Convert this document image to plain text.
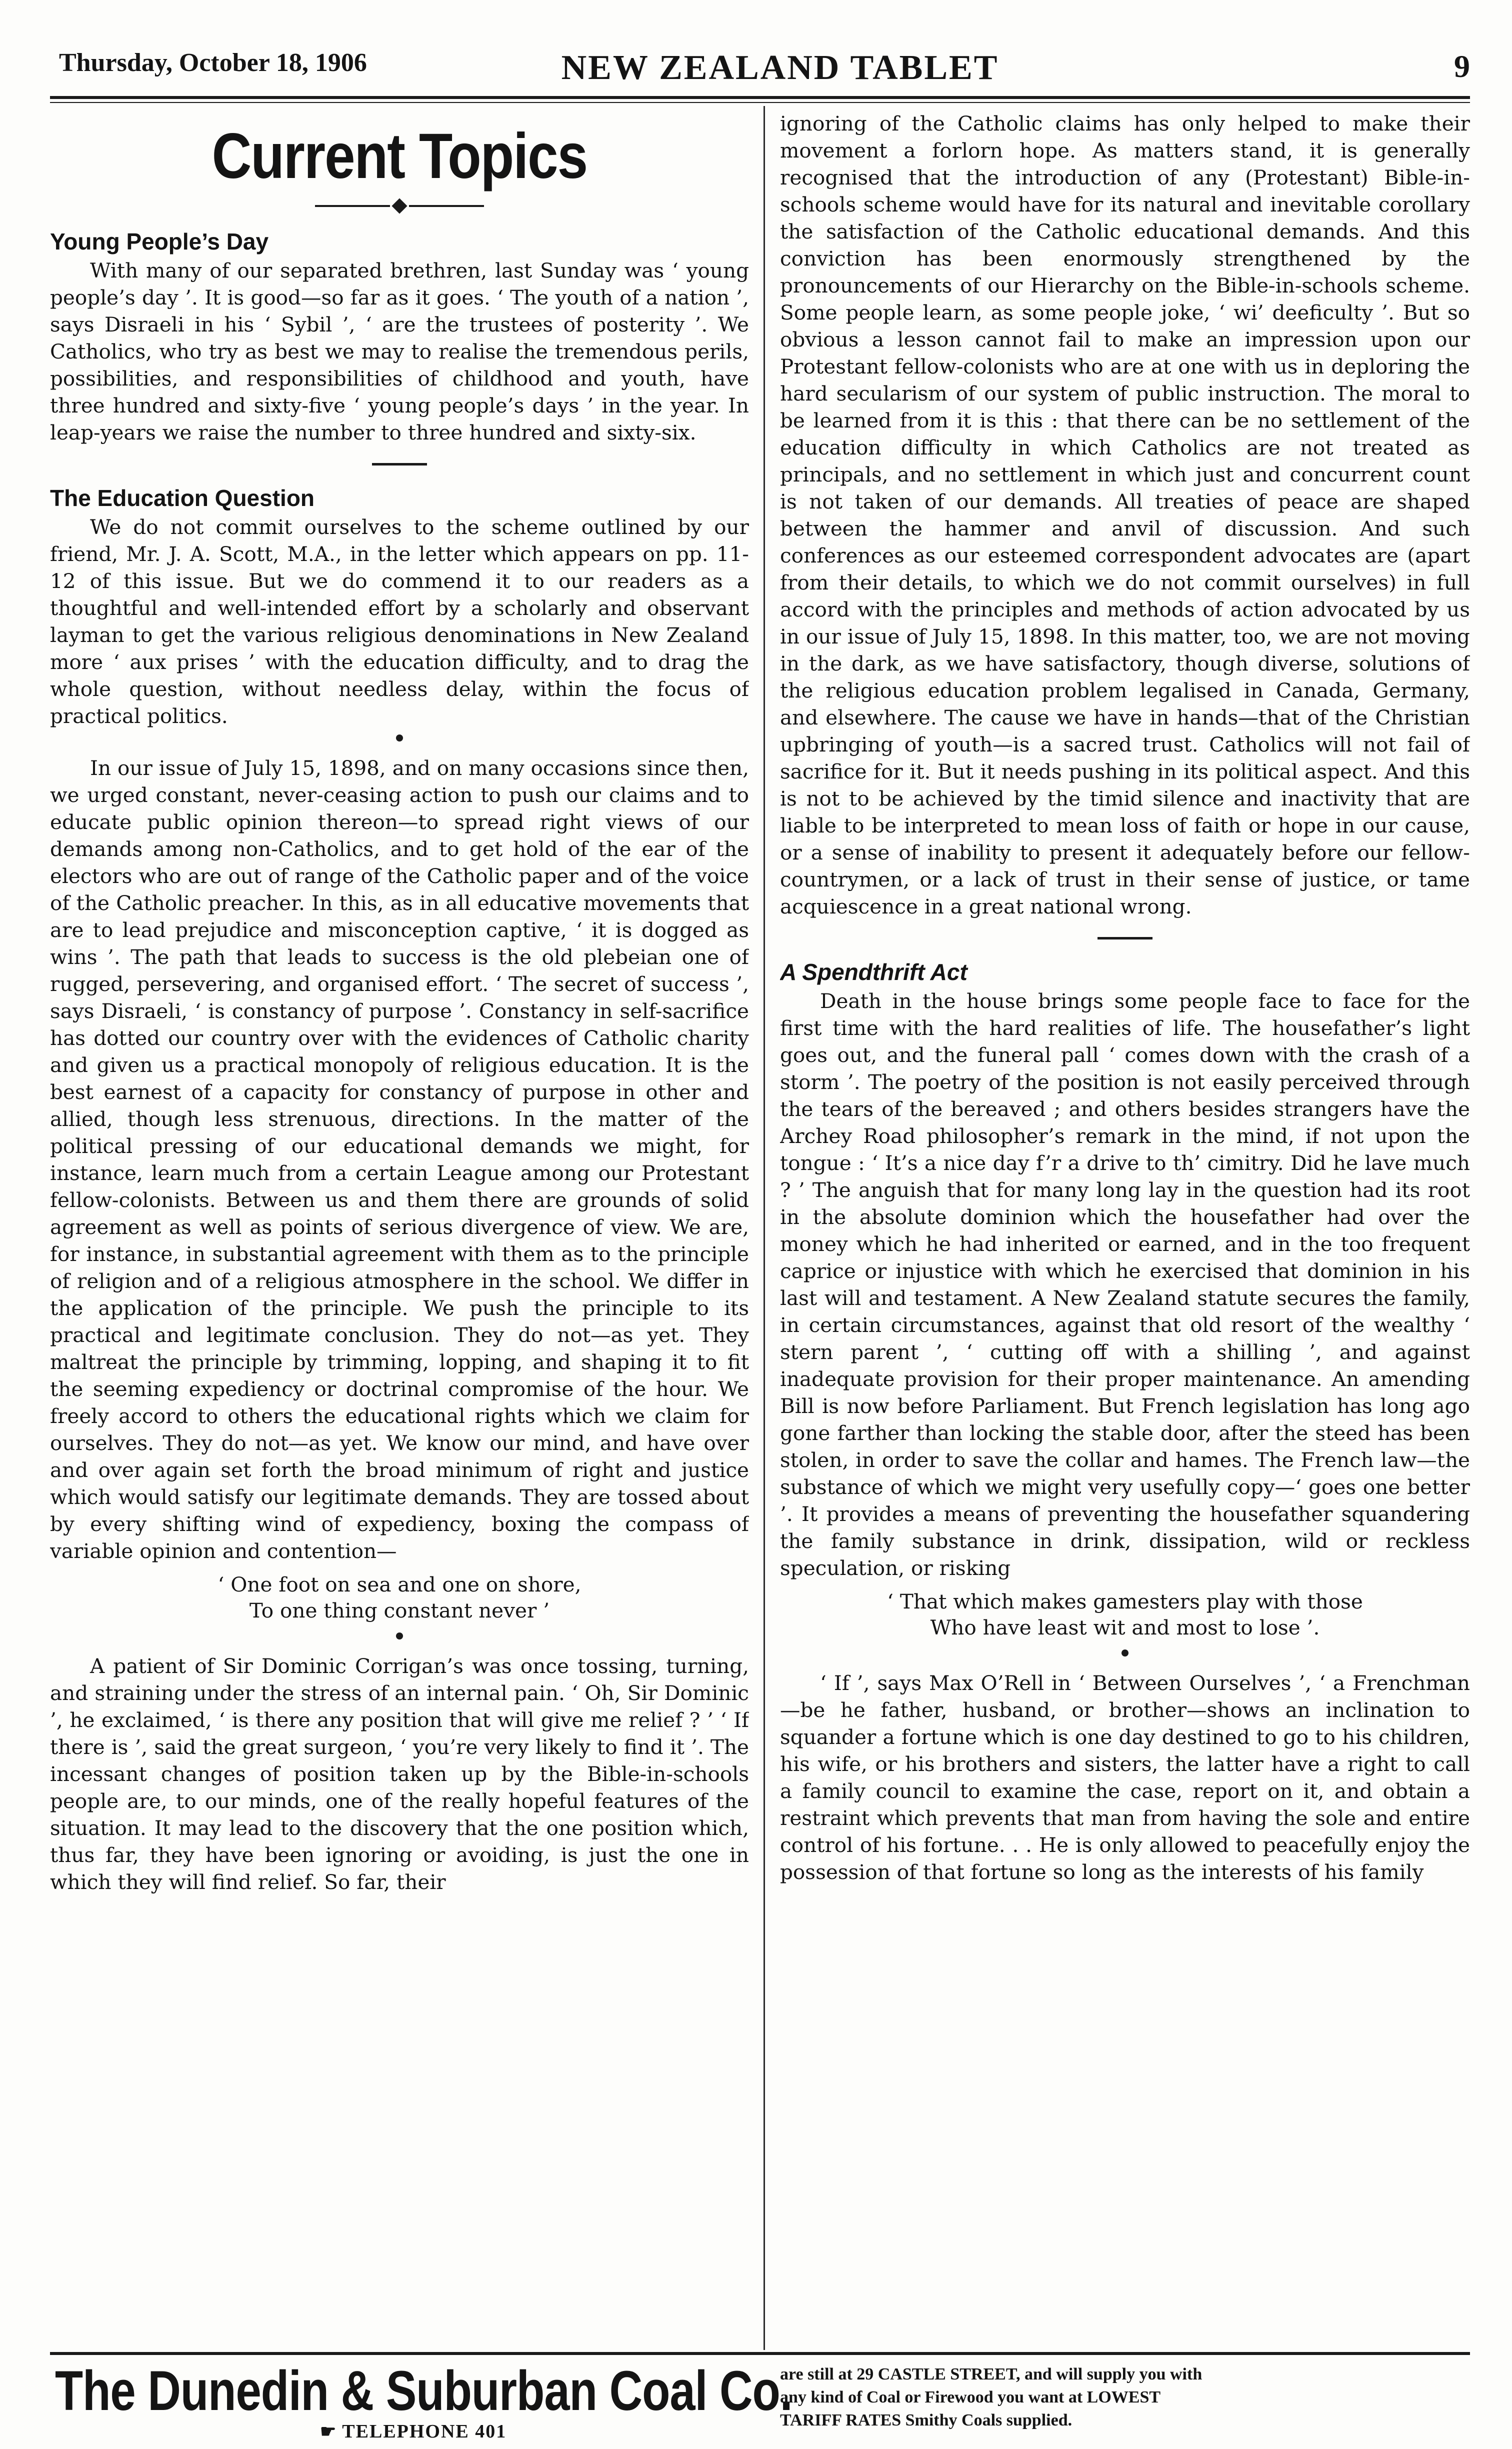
Thursday, October 18, 1906	NEW ZEALAND TABLET	9
Current Topics
Young People’s Day

With many of our separated brethren, last Sunday was ‘ young people’s day ’. It is good—so far as it goes. ‘ The youth of a nation ’, says Disraeli in his ‘ Sybil ’, ‘ are the trustees of posterity ’. We Catholics, who try as best we may to realise the tremendous perils, possibilities, and responsibilities of childhood and youth, have three hundred and sixty-five ‘ young people’s days ’ in the year. In leap-years we raise the number to three hundred and sixty-six.

The Education Question

We do not commit ourselves to the scheme outlined by our friend, Mr. J. A. Scott, M.A., in the letter which appears on pp. 11-12 of this issue. But we do commend it to our readers as a thoughtful and well-intended effort by a scholarly and observant layman to get the various religious denominations in New Zealand more ‘ aux prises ’ with the education difficulty, and to drag the whole question, without needless delay, within the focus of practical politics.

In our issue of July 15, 1898, and on many occasions since then, we urged constant, never-ceasing action to push our claims and to educate public opinion thereon—to spread right views of our demands among non-Catholics, and to get hold of the ear of the electors who are out of range of the Catholic paper and of the voice of the Catholic preacher. In this, as in all educative movements that are to lead prejudice and misconception captive, ‘ it is dogged as wins ’. The path that leads to success is the old plebeian one of rugged, persevering, and organised effort. ‘ The secret of success ’, says Disraeli, ‘ is constancy of purpose ’. Constancy in self-sacrifice has dotted our country over with the evidences of Catholic charity and given us a practical monopoly of religious education. It is the best earnest of a capacity for constancy of purpose in other and allied, though less strenuous, directions. In the matter of the political pressing of our educational demands we might, for instance, learn much from a certain League among our Protestant fellow-colonists. Between us and them there are grounds of solid agreement as well as points of serious divergence of view. We are, for instance, in substantial agreement with them as to the principle of religion and of a religious atmosphere in the school. We differ in the application of the principle. We push the principle to its practical and legitimate conclusion. They do not—as yet. They maltreat the principle by trimming, lopping, and shaping it to fit the seeming expediency or doctrinal compromise of the hour. We freely accord to others the educational rights which we claim for ourselves. They do not—as yet. We know our mind, and have over and over again set forth the broad minimum of right and justice which would satisfy our legitimate demands. They are tossed about by every shifting wind of expediency, boxing the compass of variable opinion and contention—

‘ One foot on sea and one on shore,
To one thing constant never ’

A patient of Sir Dominic Corrigan’s was once tossing, turning, and straining under the stress of an internal pain. ‘ Oh, Sir Dominic ’, he exclaimed, ‘ is there any position that will give me relief ? ’ ‘ If there is ’, said the great surgeon, ‘ you’re very likely to find it ’. The incessant changes of position taken up by the Bible-in-schools people are, to our minds, one of the really hopeful features of the situation. It may lead to the discovery that the one position which, thus far, they have been ignoring or avoiding, is just the one in which they will find relief. So far, their

ignoring of the Catholic claims has only helped to make their movement a forlorn hope. As matters stand, it is generally recognised that the introduction of any (Protestant) Bible-in-schools scheme would have for its natural and inevitable corollary the satisfaction of the Catholic educational demands. And this conviction has been enormously strengthened by the pronouncements of our Hierarchy on the Bible-in-schools scheme. Some people learn, as some people joke, ‘ wi’ deeficulty ’. But so obvious a lesson cannot fail to make an impression upon our Protestant fellow-colonists who are at one with us in deploring the hard secularism of our system of public instruction. The moral to be learned from it is this : that there can be no settlement of the education difficulty in which Catholics are not treated as principals, and no settlement in which just and concurrent count is not taken of our demands. All treaties of peace are shaped between the hammer and anvil of discussion. And such conferences as our esteemed correspondent advocates are (apart from their details, to which we do not commit ourselves) in full accord with the principles and methods of action advocated by us in our issue of July 15, 1898. In this matter, too, we are not moving in the dark, as we have satisfactory, though diverse, solutions of the religious education problem legalised in Canada, Germany, and elsewhere. The cause we have in hands—that of the Christian upbringing of youth—is a sacred trust. Catholics will not fail of sacrifice for it. But it needs pushing in its political aspect. And this is not to be achieved by the timid silence and inactivity that are liable to be interpreted to mean loss of faith or hope in our cause, or a sense of inability to present it adequately before our fellow-countrymen, or a lack of trust in their sense of justice, or tame acquiescence in a great national wrong.

A Spendthrift Act

Death in the house brings some people face to face for the first time with the hard realities of life. The housefather’s light goes out, and the funeral pall ‘ comes down with the crash of a storm ’. The poetry of the position is not easily perceived through the tears of the bereaved ; and others besides strangers have the Archey Road philosopher’s remark in the mind, if not upon the tongue : ‘ It’s a nice day f’r a drive to th’ cimitry. Did he lave much ? ’ The anguish that for many long lay in the question had its root in the absolute dominion which the housefather had over the money which he had inherited or earned, and in the too frequent caprice or injustice with which he exercised that dominion in his last will and testament. A New Zealand statute secures the family, in certain circumstances, against that old resort of the wealthy ‘ stern parent ’, ‘ cutting off with a shilling ’, and against inadequate provision for their proper maintenance. An amending Bill is now before Parliament. But French legislation has long ago gone farther than locking the stable door, after the steed has been stolen, in order to save the collar and hames. The French law—the substance of which we might very usefully copy—‘ goes one better ’. It provides a means of preventing the housefather squandering the family substance in drink, dissipation, wild or reckless speculation, or risking

‘ That which makes gamesters play with those
Who have least wit and most to lose ’.

‘ If ’, says Max O’Rell in ‘ Between Ourselves ’, ‘ a Frenchman—be he father, husband, or brother—shows an inclination to squander a fortune which is one day destined to go to his children, his wife, or his brothers and sisters, the latter have a right to call a family council to examine the case, report on it, and obtain a restraint which prevents that man from having the sole and entire control of his fortune. . . He is only allowed to peacefully enjoy the possession of that fortune so long as the interests of his family

The Dunedin & Suburban Coal Co.
☛ TELEPHONE 401
are still at 29 CASTLE STREET, and will supply you with
any kind of Coal or Firewood you want at LOWEST
TARIFF RATES Smithy Coals supplied.
